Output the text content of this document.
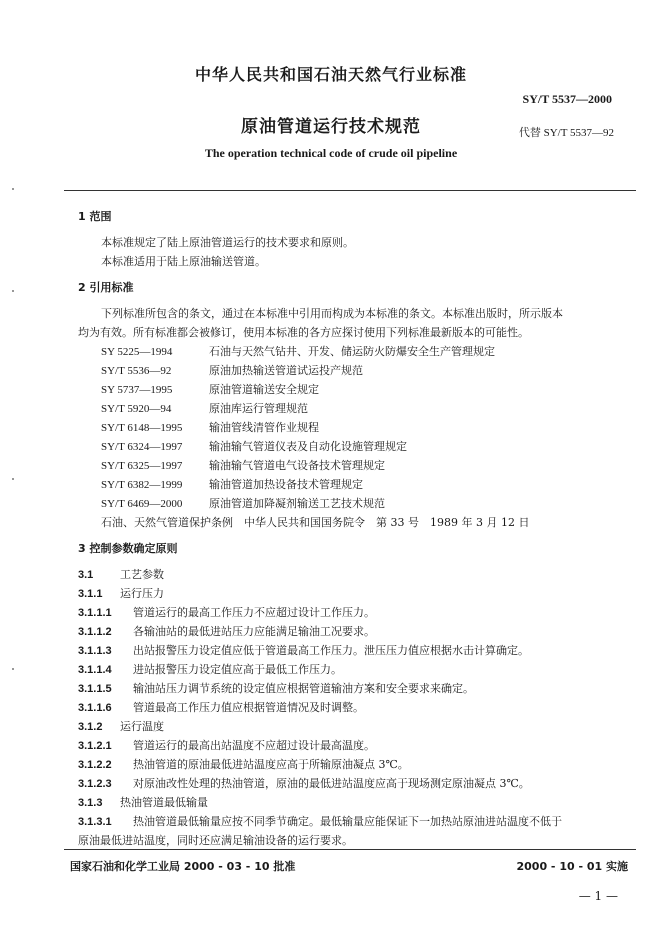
中华人民共和国石油天然气行业标准
SY/T 5537—2000
原油管道运行技术规范	代替 SY/T 5537—92
The operation technical code of crude oil pipeline
1 范围
本标准规定了陆上原油管道运行的技术要求和原则。
本标准适用于陆上原油输送管道。
2 引用标准
下列标准所包含的条文，通过在本标准中引用而构成为本标准的条文。本标准出版时，所示版本
均为有效。所有标准都会被修订，使用本标准的各方应探讨使用下列标准最新版本的可能性。
SY 5225—1994	石油与天然气钻井、开发、储运防火防爆安全生产管理规定
SY/T 5536—92	原油加热输送管道试运投产规范
SY 5737—1995	原油管道输送安全规定
SY/T 5920—94	原油库运行管理规范
SY/T 6148—1995 输油管线清管作业规程
SY/T 6324—1997 输油输气管道仪表及自动化设施管理规定
SY/T 6325—1997 输油输气管道电气设备技术管理规定
SY/T 6382—1999 输油管道加热设备技术管理规定
SY/T 6469—2000 原油管道加降凝剂输送工艺技术规范
石油、天然气管道保护条例　中华人民共和国国务院令　第 33 号　1989 年 3 月 12 日
3 控制参数确定原则
3.1 工艺参数
3.1.1 运行压力
3.1.1.1 管道运行的最高工作压力不应超过设计工作压力。
3.1.1.2 各输油站的最低进站压力应能满足输油工况要求。
3.1.1.3 出站报警压力设定值应低于管道最高工作压力。泄压压力值应根据水击计算确定。
3.1.1.4 进站报警压力设定值应高于最低工作压力。
3.1.1.5 输油站压力调节系统的设定值应根据管道输油方案和安全要求来确定。
3.1.1.6 管道最高工作压力值应根据管道情况及时调整。
3.1.2 运行温度
3.1.2.1 管道运行的最高出站温度不应超过设计最高温度。
3.1.2.2 热油管道的原油最低进站温度应高于所输原油凝点 3℃。
3.1.2.3 对原油改性处理的热油管道，原油的最低进站温度应高于现场测定原油凝点 3℃。
3.1.3 热油管道最低输量
3.1.3.1 热油管道最低输量应按不同季节确定。最低输量应能保证下一加热站原油进站温度不低于
原油最低进站温度，同时还应满足输油设备的运行要求。
国家石油和化学工业局 2000 - 03 - 10 批准	2000 - 10 - 01 实施
— 1 —
